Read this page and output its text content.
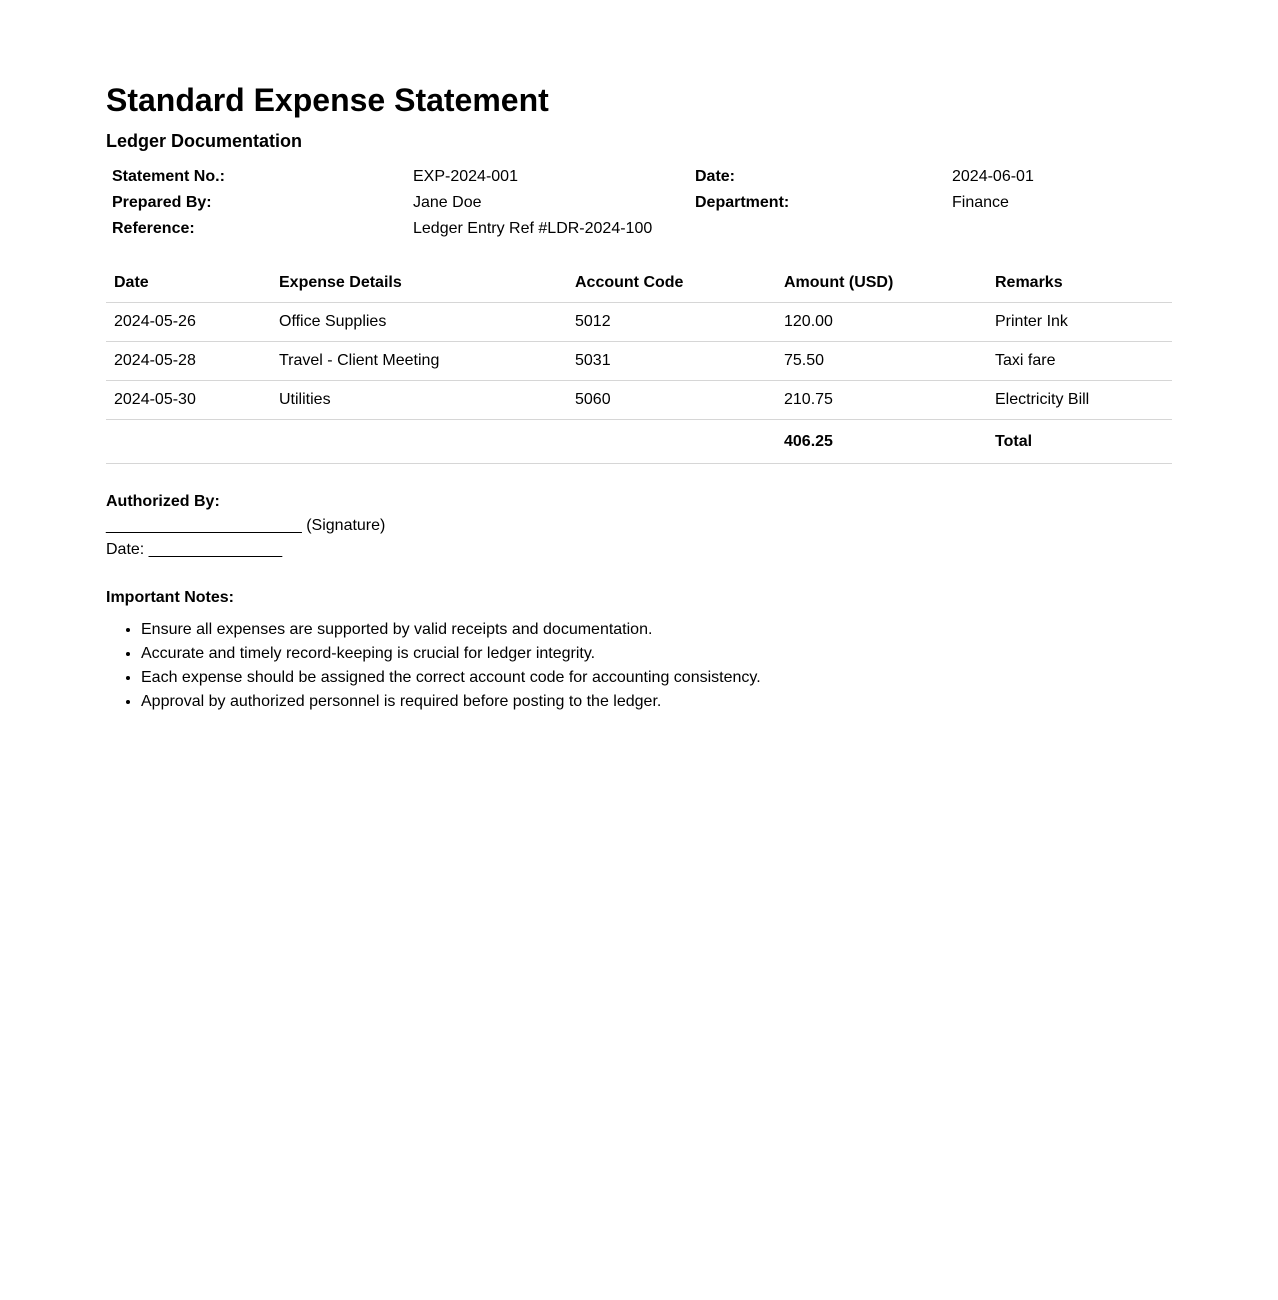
Standard Expense Statement
Ledger Documentation
Statement No.:	EXP-2024-001	Date:	2024-06-01
Prepared By:	Jane Doe	Department:	Finance
Reference:	Ledger Entry Ref #LDR-2024-100
Date	Expense Details	Account Code	Amount (USD)	Remarks
2024-05-26	Office Supplies	5012	120.00	Printer Ink
2024-05-28	Travel - Client Meeting	5031	75.50	Taxi fare
2024-05-30	Utilities	5060	210.75	Electricity Bill
			406.25	Total
Authorized By:
______________________ (Signature)
Date: _______________
Important Notes:
• Ensure all expenses are supported by valid receipts and documentation.
• Accurate and timely record-keeping is crucial for ledger integrity.
• Each expense should be assigned the correct account code for accounting consistency.
• Approval by authorized personnel is required before posting to the ledger.
